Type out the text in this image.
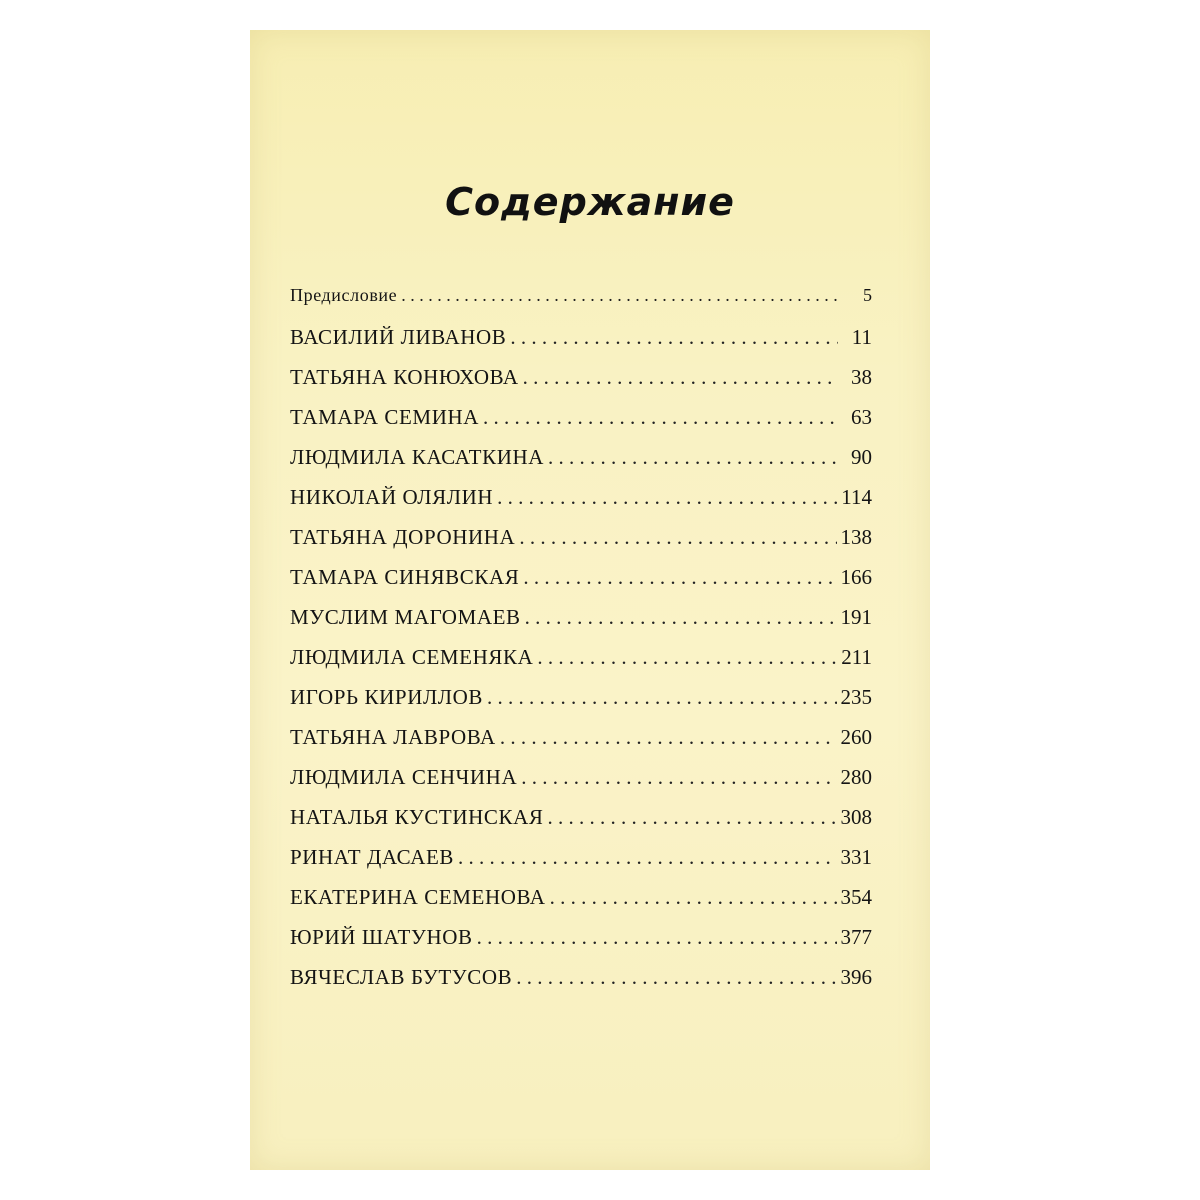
Содержание
Предисловие . . .	5
ВАСИЛИЙ ЛИВАНОВ . . .	11
ТАТЬЯНА КОНЮХОВА . . .	38
ТАМАРА СЕМИНА . . .	63
ЛЮДМИЛА КАСАТКИНА . . .	90
НИКОЛАЙ ОЛЯЛИН . . .	114
ТАТЬЯНА ДОРОНИНА . . .	138
ТАМАРА СИНЯВСКАЯ . . .	166
МУСЛИМ МАГОМАЕВ . . .	191
ЛЮДМИЛА СЕМЕНЯКА . . .	211
ИГОРЬ КИРИЛЛОВ . . .	235
ТАТЬЯНА ЛАВРОВА . . .	260
ЛЮДМИЛА СЕНЧИНА . . .	280
НАТАЛЬЯ КУСТИНСКАЯ . . .	308
РИНАТ ДАСАЕВ . . .	331
ЕКАТЕРИНА СЕМЕНОВА . . .	354
ЮРИЙ ШАТУНОВ . . .	377
ВЯЧЕСЛАВ БУТУСОВ . . .	396
